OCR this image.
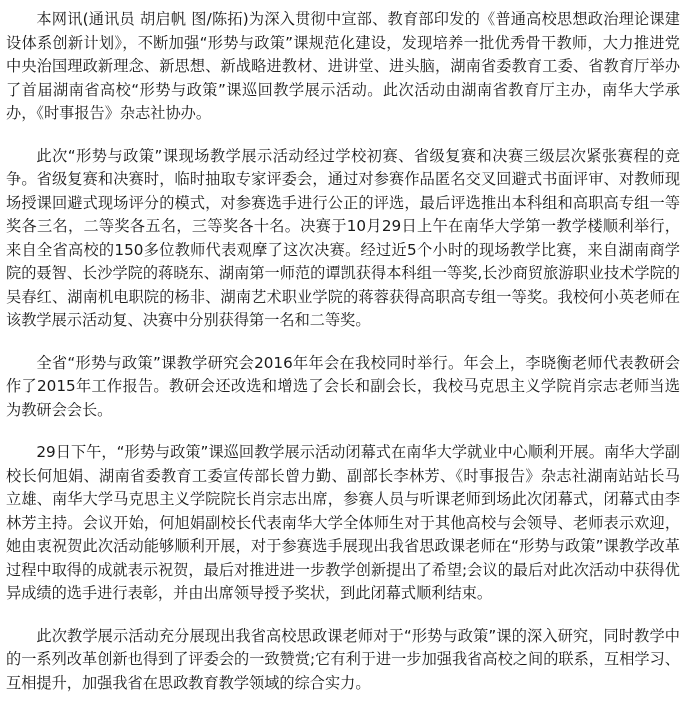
本网讯(通讯员 胡启帆 图/陈拓)为深入贯彻中宣部、教育部印发的《普通高校思想政治理论课建设体系创新计划》，不断加强“形势与政策”课规范化建设，发现培养一批优秀骨干教师，大力推进党中央治国理政新理念、新思想、新战略进教材、进讲堂、进头脑，湖南省委教育工委、省教育厅举办了首届湖南省高校“形势与政策”课巡回教学展示活动。此次活动由湖南省教育厅主办，南华大学承办，《时事报告》杂志社协办。

此次“形势与政策”课现场教学展示活动经过学校初赛、省级复赛和决赛三级层次紧张赛程的竞争。省级复赛和决赛时，临时抽取专家评委会，通过对参赛作品匿名交叉回避式书面评审、对教师现场授课回避式现场评分的模式，对参赛选手进行公正的评选，最后评选推出本科组和高职高专组一等奖各三名，二等奖各五名，三等奖各十名。决赛于10月29日上午在南华大学第一教学楼顺利举行，来自全省高校的150多位教师代表观摩了这次决赛。经过近5个小时的现场教学比赛，来自湖南商学院的聂智、长沙学院的蒋晓东、湖南第一师范的谭凯获得本科组一等奖,长沙商贸旅游职业技术学院的吴春红、湖南机电职院的杨非、湖南艺术职业学院的蒋蓉获得高职高专组一等奖。我校何小英老师在该教学展示活动复、决赛中分别获得第一名和二等奖。

全省“形势与政策”课教学研究会2016年年会在我校同时举行。年会上，李晓衡老师代表教研会作了2015年工作报告。教研会还改选和增选了会长和副会长，我校马克思主义学院肖宗志老师当选为教研会会长。

29日下午，“形势与政策”课巡回教学展示活动闭幕式在南华大学就业中心顺利开展。南华大学副校长何旭娟、湖南省委教育工委宣传部长曾力勤、副部长李林芳、《时事报告》杂志社湖南站站长马立雄、南华大学马克思主义学院院长肖宗志出席，参赛人员与听课老师到场此次闭幕式，闭幕式由李林芳主持。会议开始，何旭娟副校长代表南华大学全体师生对于其他高校与会领导、老师表示欢迎，她由衷祝贺此次活动能够顺利开展，对于参赛选手展现出我省思政课老师在“形势与政策”课教学改革过程中取得的成就表示祝贺，最后对推进进一步教学创新提出了希望;会议的最后对此次活动中获得优异成绩的选手进行表彰，并由出席领导授予奖状，到此闭幕式顺利结束。

此次教学展示活动充分展现出我省高校思政课老师对于“形势与政策”课的深入研究，同时教学中的一系列改革创新也得到了评委会的一致赞赏;它有利于进一步加强我省高校之间的联系，互相学习、互相提升，加强我省在思政教育教学领域的综合实力。
